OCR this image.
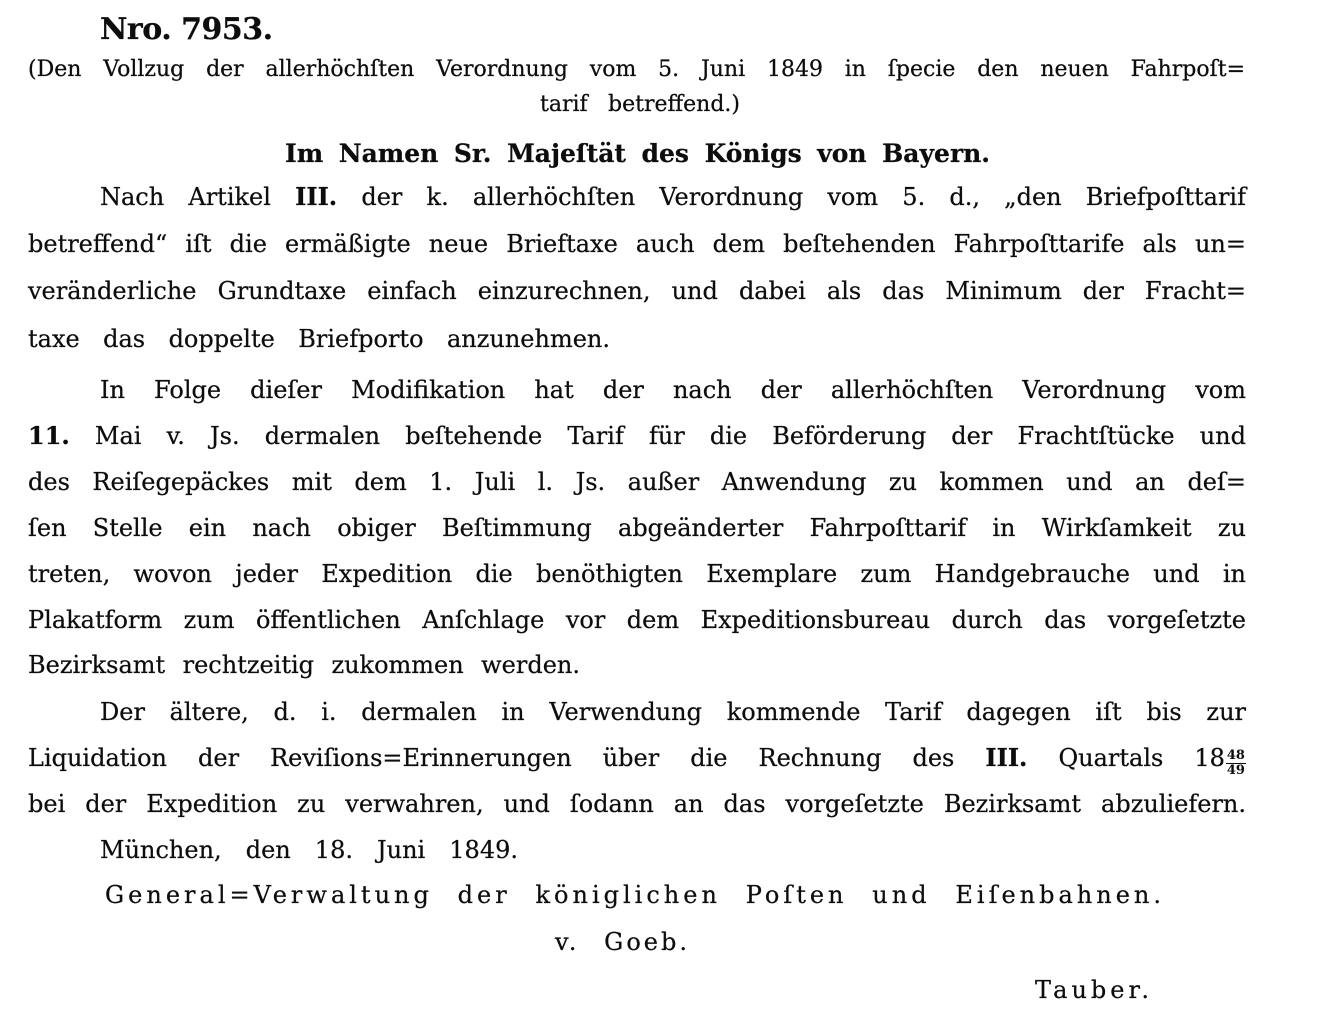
Nro. 7953.
(Den Vollzug der allerhöchſten Verordnung vom 5. Juni 1849 in ſpecie den neuen Fahrpoſt=
tarif betreffend.)
Im Namen Sr. Majeſtät des Königs von Bayern.
Nach Artikel III. der k. allerhöchſten Verordnung vom 5. d., „den Briefpoſttarif
betreffend“ iſt die ermäßigte neue Brieftaxe auch dem beſtehenden Fahrpoſttarife als un=
veränderliche Grundtaxe einfach einzurechnen, und dabei als das Minimum der Fracht=
taxe das doppelte Briefporto anzunehmen.
In Folge dieſer Modifikation hat der nach der allerhöchſten Verordnung vom
11. Mai v. Js. dermalen beſtehende Tarif für die Beförderung der Frachtſtücke und
des Reiſegepäckes mit dem 1. Juli l. Js. außer Anwendung zu kommen und an deſ=
ſen Stelle ein nach obiger Beſtimmung abgeänderter Fahrpoſttarif in Wirkſamkeit zu
treten, wovon jeder Expedition die benöthigten Exemplare zum Handgebrauche und in
Plakatform zum öffentlichen Anſchlage vor dem Expeditionsbureau durch das vorgeſetzte
Bezirksamt rechtzeitig zukommen werden.
Der ältere, d. i. dermalen in Verwendung kommende Tarif dagegen iſt bis zur
Liquidation der Reviſions=Erinnerungen über die Rechnung des III. Quartals $18 \frac{48}{49}$
bei der Expedition zu verwahren, und ſodann an das vorgeſetzte Bezirksamt abzuliefern.
München, den 18. Juni 1849.
General=Verwaltung der königlichen Poſten und Eiſenbahnen.
v. Goeb.
Tauber.
